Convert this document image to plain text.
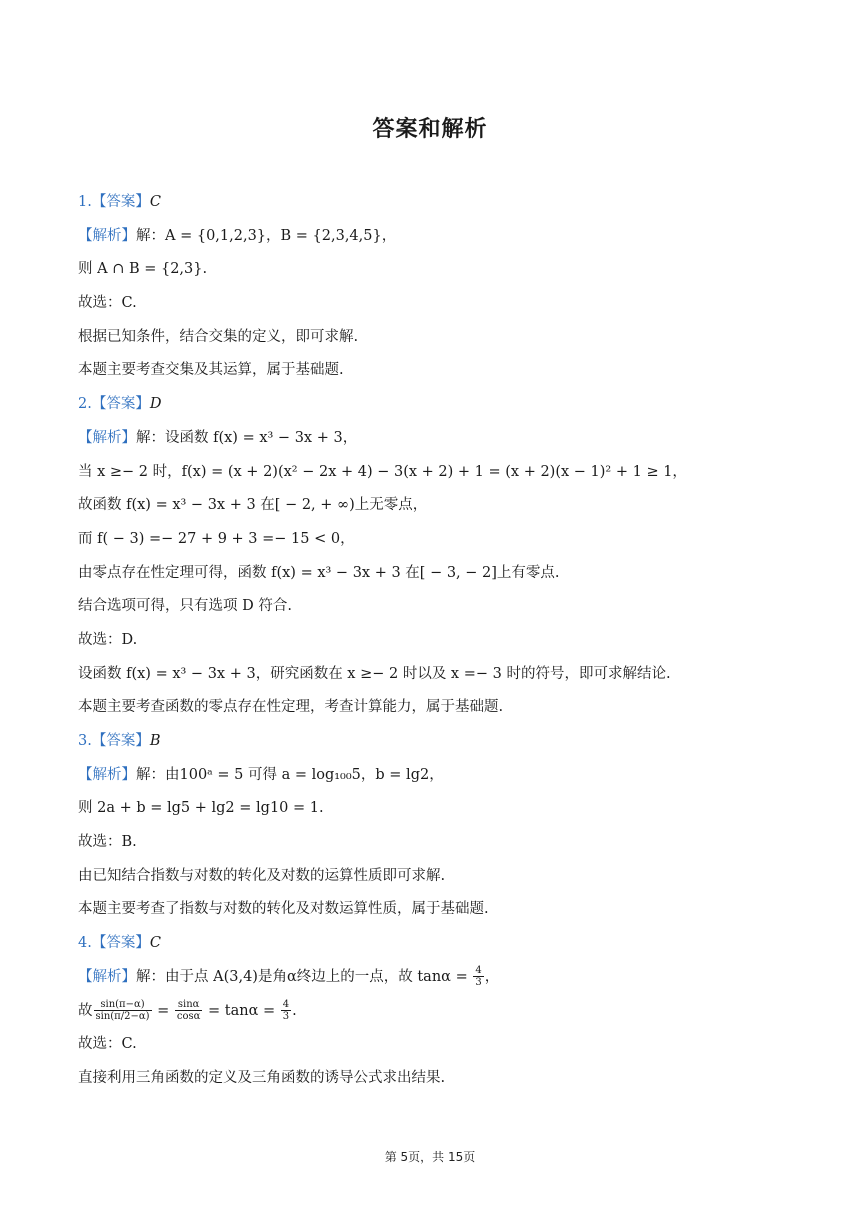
答案和解析
1.【答案】C
【解析】解：A = {0,1,2,3}，B = {2,3,4,5}，
则 A ∩ B = {2,3}.
故选：C.
根据已知条件，结合交集的定义，即可求解.
本题主要考查交集及其运算，属于基础题.
2.【答案】D
【解析】解：设函数 f(x) = x³ − 3x + 3，
当 x ≥− 2 时，f(x) = (x + 2)(x² − 2x + 4) − 3(x + 2) + 1 = (x + 2)(x − 1)² + 1 ≥ 1，
故函数 f(x) = x³ − 3x + 3 在[ − 2, + ∞)上无零点，
而 f( − 3) =− 27 + 9 + 3 =− 15 < 0，
由零点存在性定理可得，函数 f(x) = x³ − 3x + 3 在[ − 3, − 2]上有零点.
结合选项可得，只有选项 D 符合.
故选：D.
设函数 f(x) = x³ − 3x + 3，研究函数在 x ≥− 2 时以及 x =− 3 时的符号，即可求解结论.
本题主要考查函数的零点存在性定理，考查计算能力，属于基础题.
3.【答案】B
【解析】解：由100ᵃ = 5 可得 a = log₁₀₀5，b = lg2，
则 2a + b = lg5 + lg2 = lg10 = 1.
故选：B.
由已知结合指数与对数的转化及对数的运算性质即可求解.
本题主要考查了指数与对数的转化及对数运算性质，属于基础题.
4.【答案】C
【解析】解：由于点 A(3,4)是角α终边上的一点，故 $\tan\alpha = \frac{4}{3}$ ，
故 $\frac{\sin(\pi-\alpha)}{\sin(\pi/2-\alpha)} = \frac{\sin\alpha}{\cos\alpha} = \tan\alpha = \frac{4}{3}$ .
故选：C.
直接利用三角函数的定义及三角函数的诱导公式求出结果.
第 5页，共 15页
